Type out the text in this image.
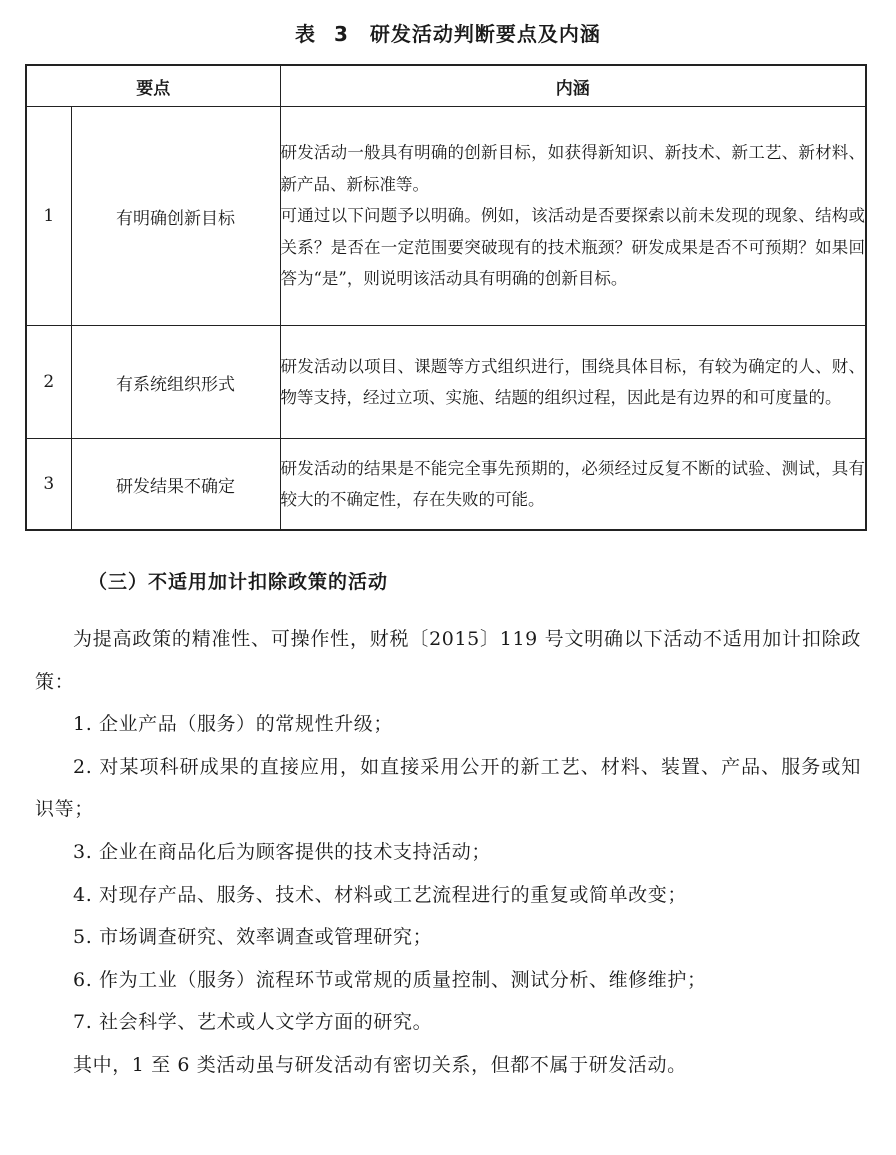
表 3　研发活动判断要点及内涵
要点		内涵
1	有明确创新目标	研发活动一般具有明确的创新目标，如获得新知识、新技术、新工艺、新材料、新产品、新标准等。

可通过以下问题予以明确。例如，该活动是否要探索以前未发现的现象、结构或关系？是否在一定范围要突破现有的技术瓶颈？研发成果是否不可预期？如果回答为“是”，则说明该活动具有明确的创新目标。

2	有系统组织形式	研发活动以项目、课题等方式组织进行，围绕具体目标，有较为确定的人、财、物等支持，经过立项、实施、结题的组织过程，因此是有边界的和可度量的。

3	研发结果不确定	研发活动的结果是不能完全事先预期的，必须经过反复不断的试验、测试，具有较大的不确定性，存在失败的可能。

（三）不适用加计扣除政策的活动

为提高政策的精准性、可操作性，财税〔2015〕119 号文明确以下活动不适用加计扣除政策：

1. 企业产品（服务）的常规性升级；

2. 对某项科研成果的直接应用，如直接采用公开的新工艺、材料、装置、产品、服务或知识等；

3. 企业在商品化后为顾客提供的技术支持活动；

4. 对现存产品、服务、技术、材料或工艺流程进行的重复或简单改变；

5. 市场调查研究、效率调查或管理研究；

6. 作为工业（服务）流程环节或常规的质量控制、测试分析、维修维护；

7. 社会科学、艺术或人文学方面的研究。

其中，1 至 6 类活动虽与研发活动有密切关系，但都不属于研发活动。
